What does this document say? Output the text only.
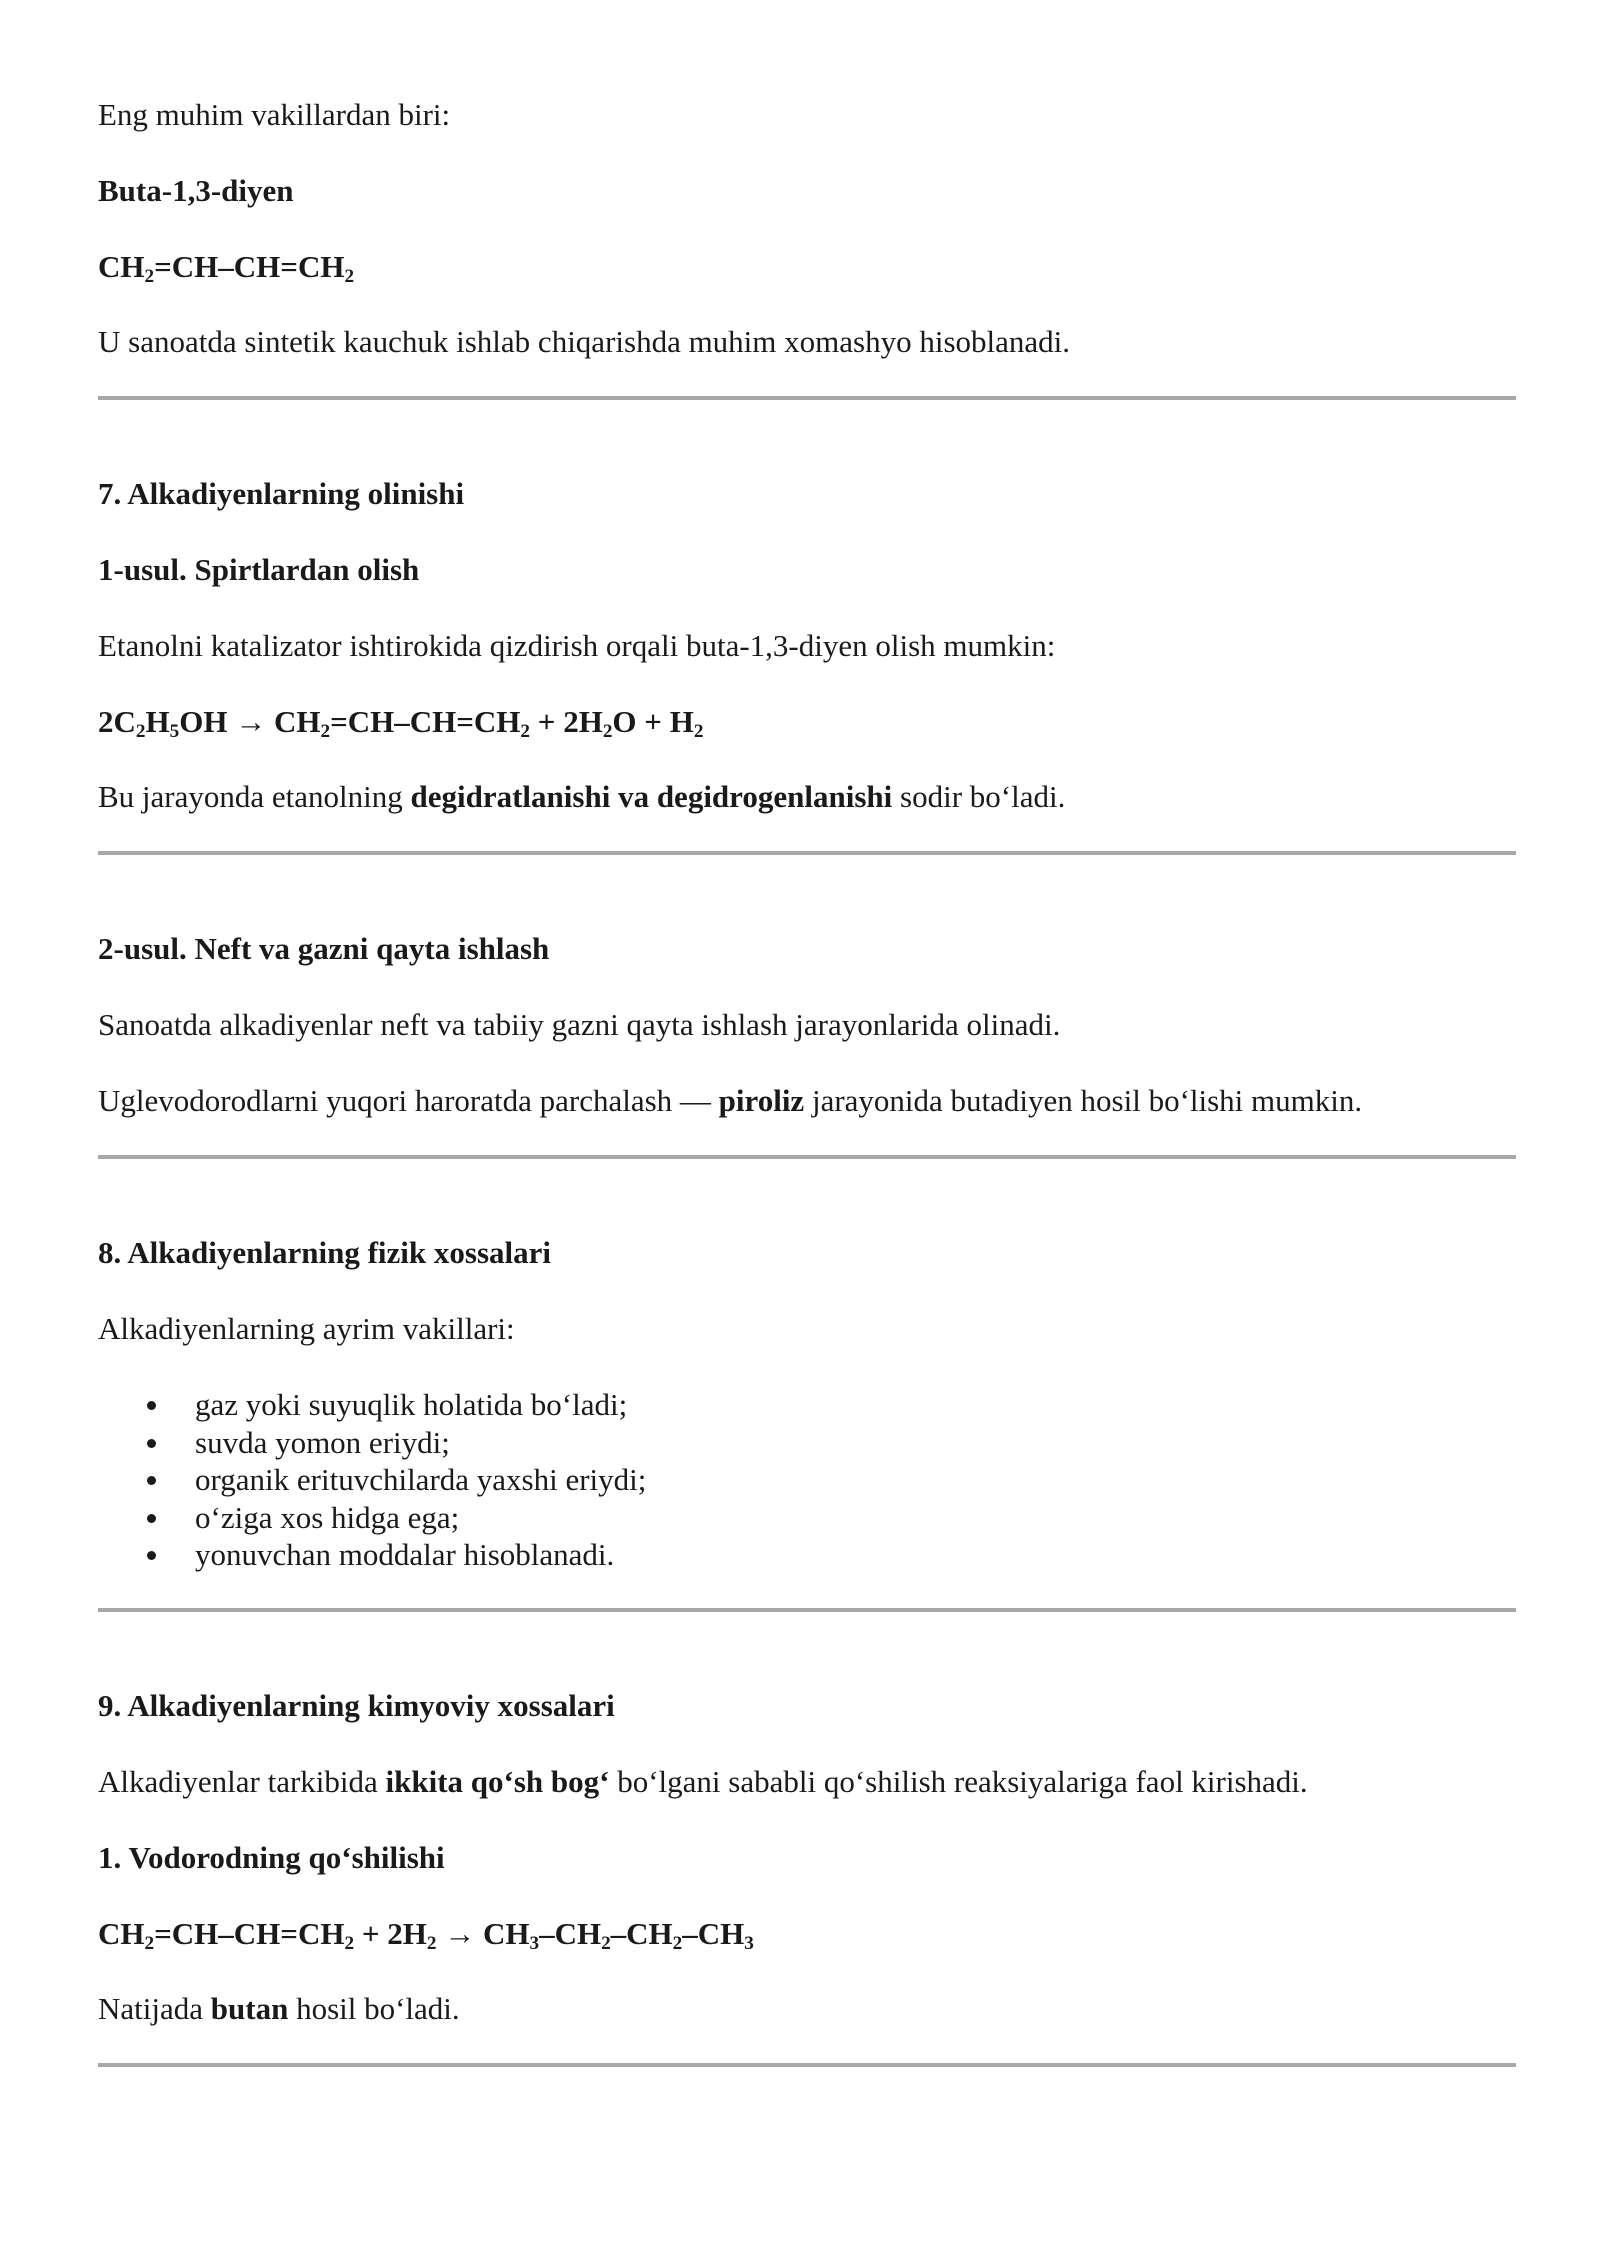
Eng muhim vakillardan biri:

Buta-1,3-diyen

$CH_2=CH-CH=CH_2$

U sanoatda sintetik kauchuk ishlab chiqarishda muhim xomashyo hisoblanadi.

7. Alkadiyenlarning olinishi

1-usul. Spirtlardan olish

Etanolni katalizator ishtirokida qizdirish orqali buta-1,3-diyen olish mumkin:

$2C_2H_5OH \to CH_2=CH-CH=CH_2 + 2H_2O + H_2$

Bu jarayonda etanolning degidratlanishi va degidrogenlanishi sodir bo‘ladi.

2-usul. Neft va gazni qayta ishlash

Sanoatda alkadiyenlar neft va tabiiy gazni qayta ishlash jarayonlarida olinadi.

Uglevodorodlarni yuqori haroratda parchalash — piroliz jarayonida butadiyen hosil bo‘lishi mumkin.

8. Alkadiyenlarning fizik xossalari

Alkadiyenlarning ayrim vakillari:

gaz yoki suyuqlik holatida bo‘ladi;
suvda yomon eriydi;
organik erituvchilarda yaxshi eriydi;
o‘ziga xos hidga ega;
yonuvchan moddalar hisoblanadi.

9. Alkadiyenlarning kimyoviy xossalari

Alkadiyenlar tarkibida ikkita qo‘sh bog‘ bo‘lgani sababli qo‘shilish reaksiyalariga faol kirishadi.

1. Vodorodning qo‘shilishi

$CH_2=CH-CH=CH_2 + 2H_2 \to CH_3-CH_2-CH_2-CH_3$

Natijada butan hosil bo‘ladi.
